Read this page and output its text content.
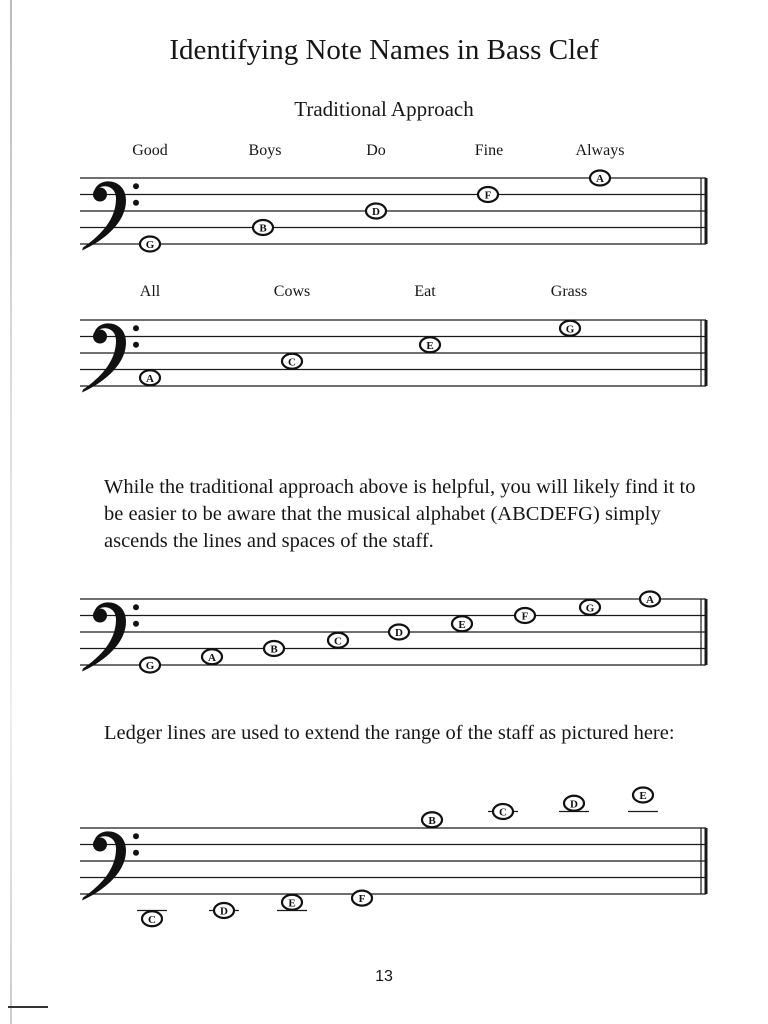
Identifying Note Names in Bass Clef
Traditional Approach
Good	Boys	Do	Fine	Always
G
B
D
F
A
All	Cows	Eat	Grass
A
C
E
G
While the traditional approach above is helpful, you will likely find it to be easier to be aware that the musical alphabet (ABCDEFG) simply ascends the lines and spaces of the staff.
G
A
B
C
D
E
F
G
A
Ledger lines are used to extend the range of the staff as pictured here:
C
D
E	F
B
C
D
E
13
